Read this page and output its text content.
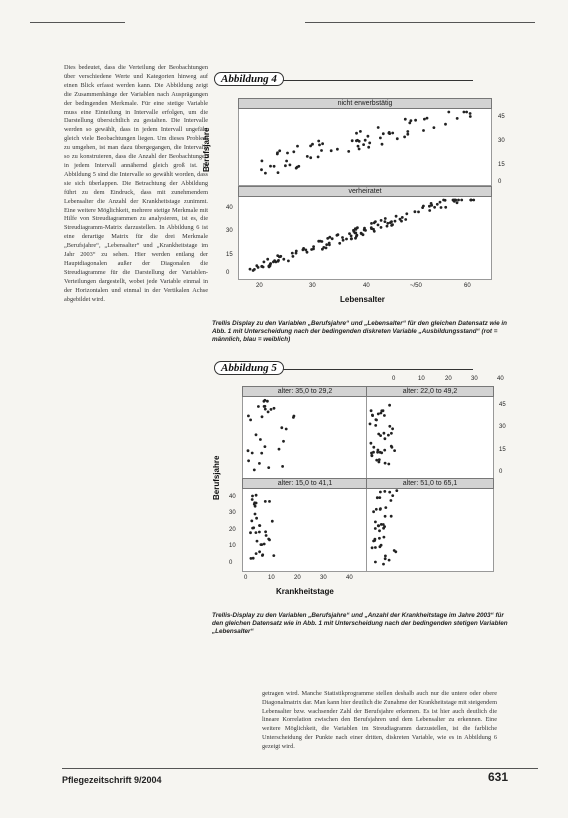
Dies bedeutet, dass die Verteilung der Beobachtungen über verschiedene Werte und Kategorien hinweg auf einen Blick erfasst werden kann. Die Abbildung zeigt die Zusammenhänge der Variablen nach Ausprägungen der bedingenden Merkmale. Für eine stetige Variable muss eine Einteilung in Intervalle erfolgen, um die Darstellung übersichtlich zu gestalten. Die Intervalle werden so gewählt, dass in jedem Intervall ungefähr gleich viele Beobachtungen liegen. Um dieses Problem zu umgehen, ist man dazu übergegangen, die Intervalle so zu konstruieren, dass die Anzahl der Beobachtungen in jedem Intervall annähernd gleich groß ist. In Abbildung 5 sind die Intervalle so gewählt worden, dass sie sich überlappen. Die Betrachtung der Abbildung führt zu dem Eindruck, dass mit zunehmendem Lebensalter die Anzahl der Krankheitstage zunimmt. Eine weitere Möglichkeit, mehrere stetige Merkmale mit Hilfe von Streudiagrammen zu analysieren, ist es, die Streudiagramm-Matrix darzustellen. In Abbildung 6 ist eine derartige Matrix für die drei Merkmale „Berufsjahre“, „Lebensalter“ und „Krankheitstage im Jahr 2003“ zu sehen. Hier werden entlang der Hauptdiagonalen außer der Diagonalen die Streudiagramme für die Darstellung der Variablen-Verteilungen dargestellt, wobei jede Variable einmal in der Horizontalen und einmal in der Vertikalen Achse abgebildet wird.
Abbildung 4
Berufsjahre
nicht erwerbstätig
verheiratet
45
30
15
0
40
30
15
0
20	30	40	~/50	60
Lebensalter
Trellis Display zu den Variablen „Berufsjahre“ und „Lebensalter“ für den gleichen Datensatz wie in Abb. 1 mit Unterscheidung nach der bedingenden diskreten Variable „Ausbildungsstand“ (rot = männlich, blau = weiblich)
Abbildung 5
0	10	20	30	40
Berufsjahre
alter: 35,0 to 29,2	alter: 22,0 to 49,2
alter: 15,0 to 41,1	alter: 51,0 to 65,1
45
30
15
0
40
30
20
10
0
0	10	20	30	40
Krankheitstage
Trellis-Display zu den Variablen „Berufsjahre“ und „Anzahl der Krankheitstage im Jahre 2003“ für den gleichen Datensatz wie in Abb. 1 mit Unterscheidung nach der bedingenden stetigen Variablen „Lebensalter“
getragen wird. Manche Statistikprogramme stellen deshalb auch nur die untere oder obere Diagonalmatrix dar. Man kann hier deutlich die Zunahme der Krankheitstage mit steigendem Lebensalter bzw. wachsender Zahl der Berufsjahre erkennen. Es ist hier auch deutlich die lineare Korrelation zwischen den Berufsjahren und dem Lebensalter zu erkennen. Eine weitere Möglichkeit, die Variablen im Streudiagramm darzustellen, ist die farbliche Unterscheidung der Punkte nach einer dritten, diskreten Variable, wie es in Abbildung 6 gezeigt wird.
Pflegezeitschrift 9/2004	631
